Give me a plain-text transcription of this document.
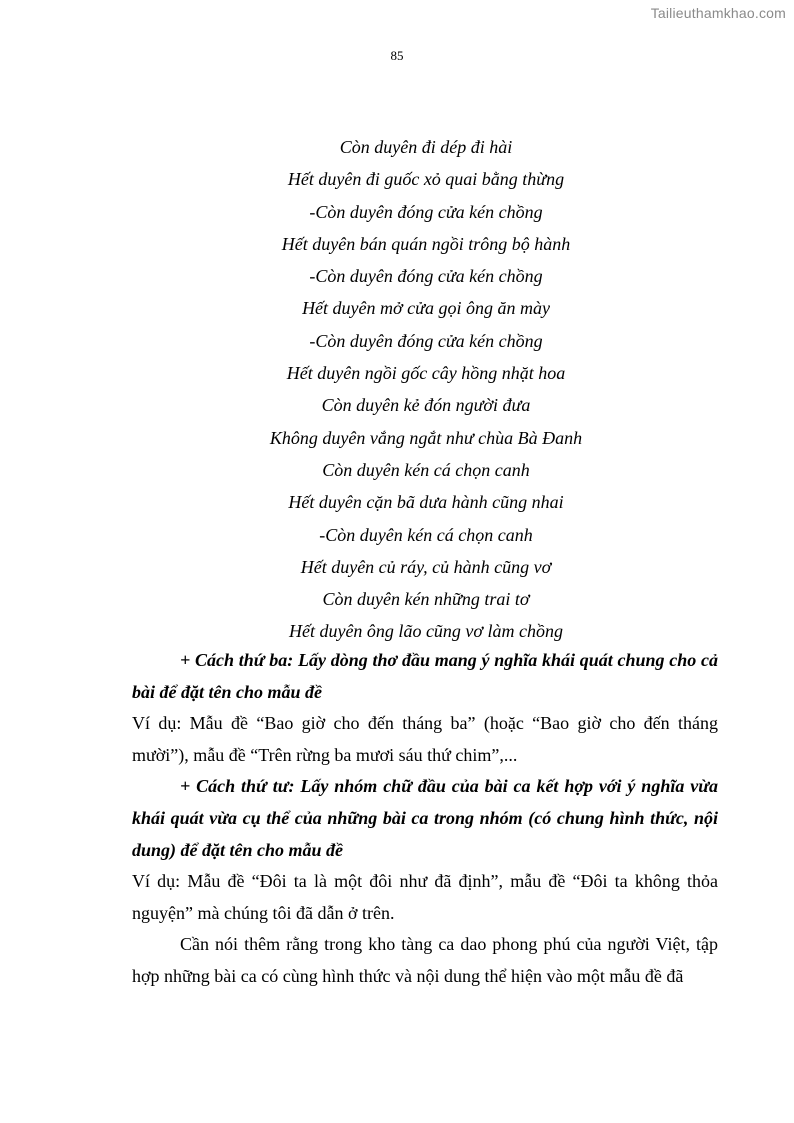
Tailieuthamkhao.com
85
Còn duyên đi dép đi hài
Hết duyên đi guốc xỏ quai bằng thừng
-Còn duyên đóng cửa kén chồng
Hết duyên bán quán ngồi trông bộ hành
-Còn duyên đóng cửa kén chồng
Hết duyên mở cửa gọi ông ăn mày
-Còn duyên đóng cửa kén chồng
Hết duyên ngồi gốc cây hồng nhặt hoa
Còn duyên kẻ đón người đưa
Không duyên vắng ngắt như chùa Bà Đanh
Còn duyên kén cá chọn canh
Hết duyên cặn bã dưa hành cũng nhai
-Còn duyên kén cá chọn canh
Hết duyên củ ráy, củ hành cũng vơ
Còn duyên kén những trai tơ
Hết duyên ông lão cũng vơ làm chồng

+ Cách thứ ba: Lấy dòng thơ đầu mang ý nghĩa khái quát chung cho cả bài để đặt tên cho mẫu đề

Ví dụ: Mẫu đề “Bao giờ cho đến tháng ba” (hoặc “Bao giờ cho đến tháng mười”), mẫu đề “Trên rừng ba mươi sáu thứ chim”,...

+ Cách thứ tư: Lấy nhóm chữ đầu của bài ca kết hợp với ý nghĩa vừa khái quát vừa cụ thể của những bài ca trong nhóm (có chung hình thức, nội dung) để đặt tên cho mẫu đề

Ví dụ: Mẫu đề “Đôi ta là một đôi như đã định”, mẫu đề “Đôi ta không thỏa nguyện” mà chúng tôi đã dẫn ở trên.

Cần nói thêm rằng trong kho tàng ca dao phong phú của người Việt, tập hợp những bài ca có cùng hình thức và nội dung thể hiện vào một mẫu đề đã
